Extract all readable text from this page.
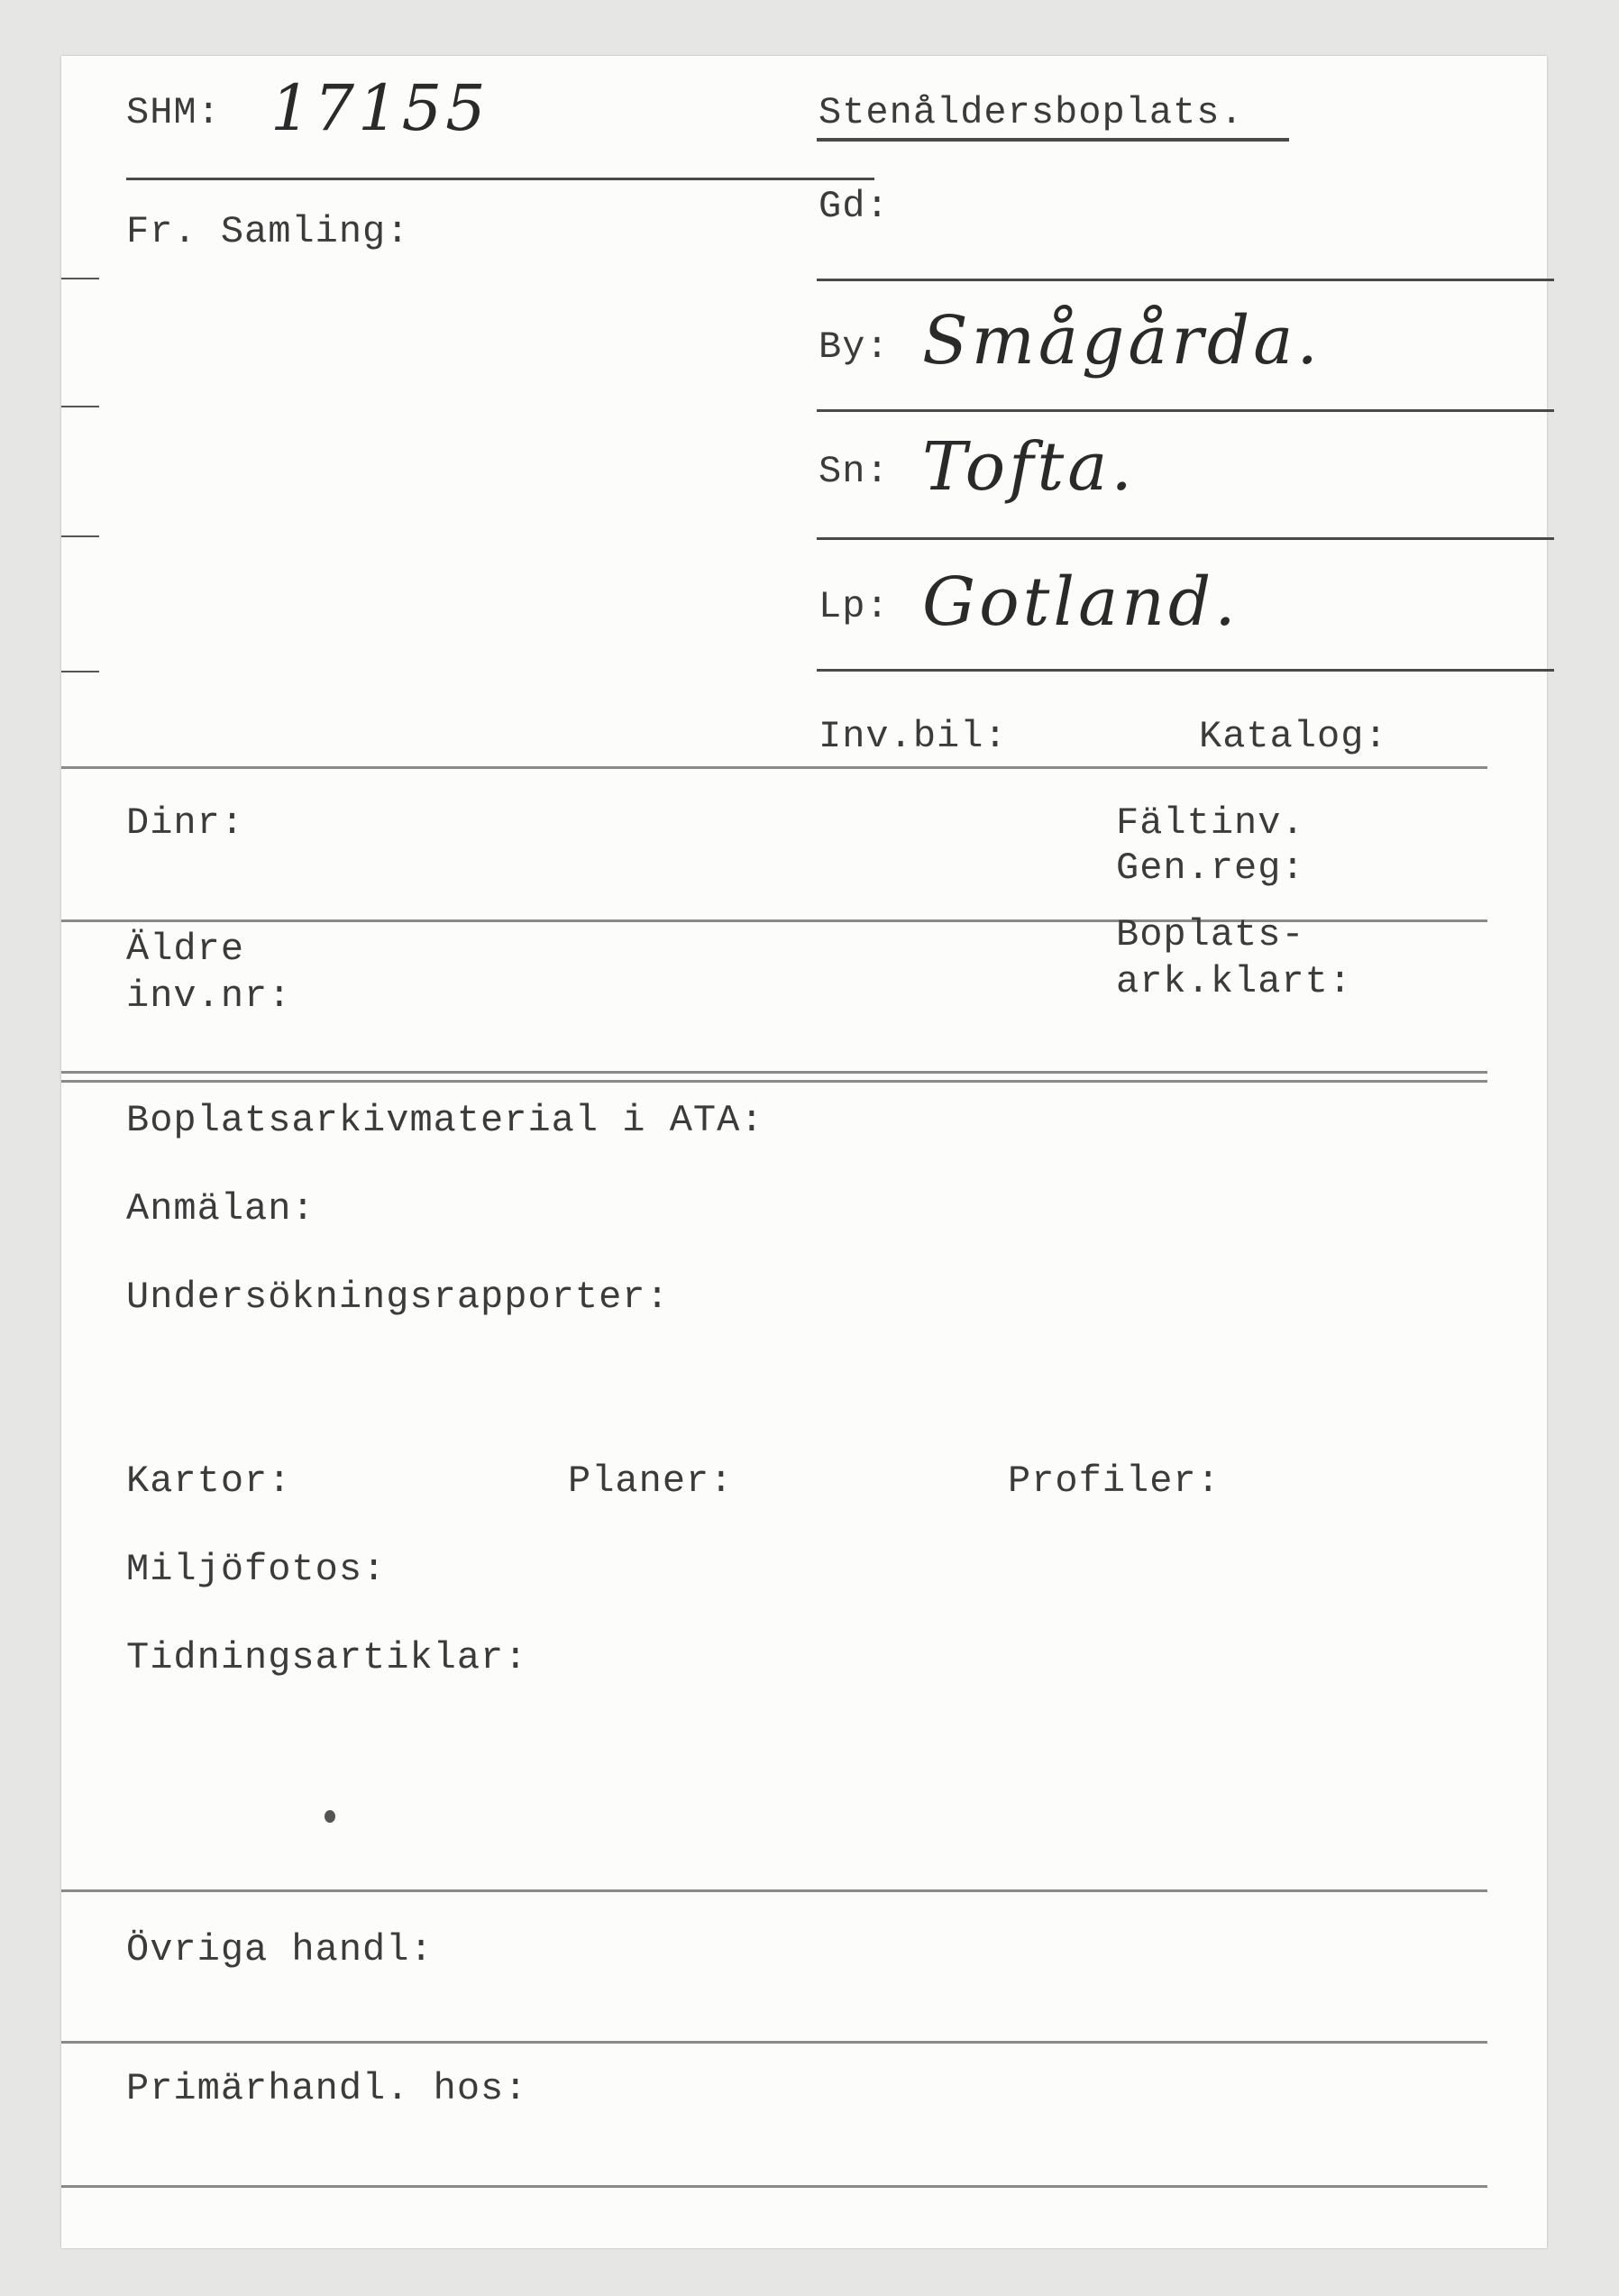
SHM: 17155	Stenåldersboplats.
Fr. Samling:
Gd:
By: Smågårda.
Sn: Tofta.
Lp: Gotland.
Inv.bil:	Katalog:
Dinr:	Fältinv.
Gen.reg:
Äldre
inv.nr:
Boplats-
ark.klart:
Boplatsarkivmaterial i ATA:
Anmälan:
Undersökningsrapporter:
Kartor:	Planer:	Profiler:
Miljöfotos:
Tidningsartiklar:
Övriga handl:
Primärhandl. hos:
